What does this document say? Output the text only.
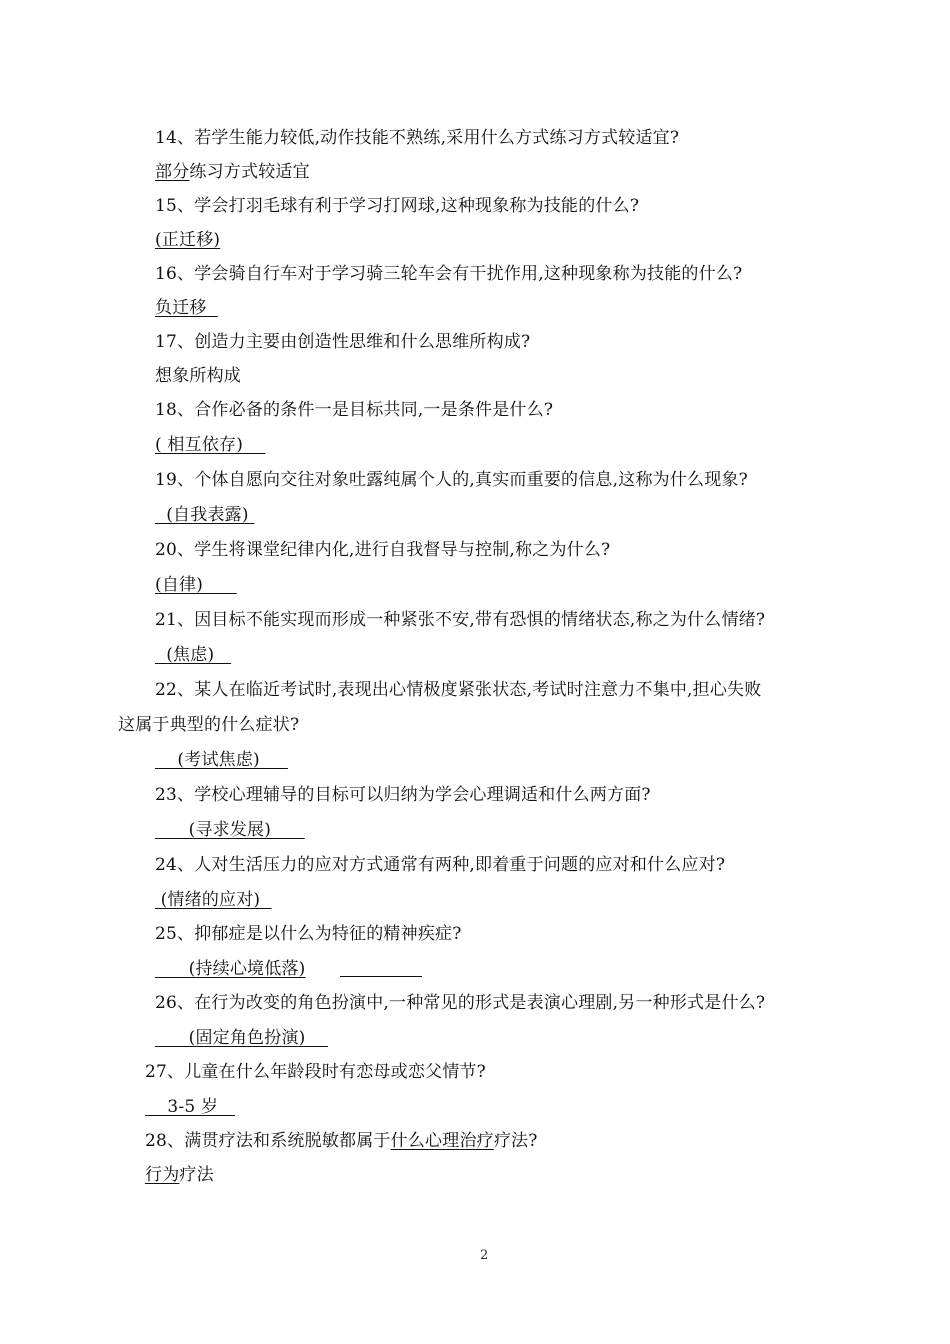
14、若学生能力较低,动作技能不熟练,采用什么方式练习方式较适宜?
部分练习方式较适宜
15、学会打羽毛球有利于学习打网球,这种现象称为技能的什么?
(正迁移)
16、学会骑自行车对于学习骑三轮车会有干扰作用,这种现象称为技能的什么?
负迁移
17、创造力主要由创造性思维和什么思维所构成?
想象所构成
18、合作必备的条件一是目标共同,一是条件是什么?
( 相互依存)
19、个体自愿向交往对象吐露纯属个人的,真实而重要的信息,这称为什么现象?
(自我表露)
20、学生将课堂纪律内化,进行自我督导与控制,称之为什么?
(自律)
21、因目标不能实现而形成一种紧张不安,带有恐惧的情绪状态,称之为什么情绪?
(焦虑)
22、某人在临近考试时,表现出心情极度紧张状态,考试时注意力不集中,担心失败
这属于典型的什么症状?
(考试焦虑)
23、学校心理辅导的目标可以归纳为学会心理调适和什么两方面?
(寻求发展)
24、人对生活压力的应对方式通常有两种,即着重于问题的应对和什么应对?
(情绪的应对)
25、抑郁症是以什么为特征的精神疾症?
(持续心境低落)
26、在行为改变的角色扮演中,一种常见的形式是表演心理剧,另一种形式是什么?
(固定角色扮演)
27、儿童在什么年龄段时有恋母或恋父情节?
3-5 岁
28、满贯疗法和系统脱敏都属于什么心理治疗疗法?
行为疗法
2
